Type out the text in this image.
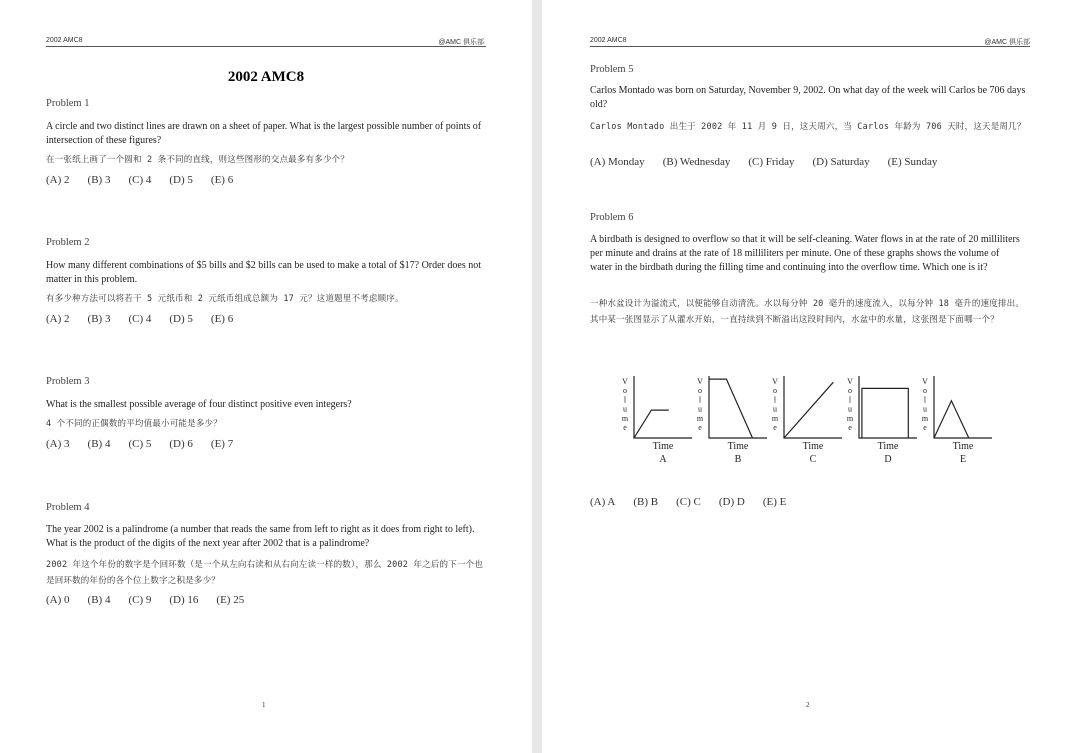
2002 AMC8	@AMC 俱乐部
2002 AMC8
Problem 1
A circle and two distinct lines are drawn on a sheet of paper. What is the largest possible number of points of intersection of these figures?
在一张纸上画了一个圆和 2 条不同的直线，则这些图形的交点最多有多少个？
(A) 2 (B) 3 (C) 4 (D) 5 (E) 6
Problem 2
How many different combinations of $5 bills and $2 bills can be used to make a total of $17? Order does not matter in this problem.
有多少种方法可以将若干 5 元纸币和 2 元纸币组成总额为 17 元？这道题里不考虑顺序。
(A) 2 (B) 3 (C) 4 (D) 5 (E) 6
Problem 3
What is the smallest possible average of four distinct positive even integers?
4 个不同的正偶数的平均值最小可能是多少？
(A) 3 (B) 4 (C) 5 (D) 6 (E) 7
Problem 4
The year 2002 is a palindrome (a number that reads the same from left to right as it does from right to left). What is the product of the digits of the next year after 2002 that is a palindrome?
2002 年这个年份的数字是个回环数（是一个从左向右读和从右向左读一样的数），那么 2002 年之后的下一个也是回环数的年份的各个位上数字之积是多少？
(A) 0 (B) 4 (C) 9 (D) 16 (E) 25
1
2002 AMC8	@AMC 俱乐部
Problem 5
Carlos Montado was born on Saturday, November 9, 2002. On what day of the week will Carlos be 706 days old?
Carlos Montado 出生于 2002 年 11 月 9 日，这天周六，当 Carlos 年龄为 706 天时，这天是周几？
(A) Monday (B) Wednesday (C) Friday (D) Saturday (E) Sunday
Problem 6
A birdbath is designed to overflow so that it will be self-cleaning. Water flows in at the rate of 20 milliliters per minute and drains at the rate of 18 milliliters per minute. One of these graphs shows the volume of water in the birdbath during the filling time and continuing into the overflow time. Which one is it?
一种水盆设计为溢流式，以便能够自动清洗。水以每分钟 20 毫升的速度流入，以每分钟 18 毫升的速度排出。其中某一张图显示了从灌水开始，一直持续到不断溢出这段时间内，水盆中的水量，这张图是下面哪一个？
V
o
l
u
m
e
Time
A
V
o
l
u
m
e
Time
B
V
o
l
u
m
e
Time
C
V
o
l
u
m
e
Time
D
V
o
l
u
m
e
Time
E
(A) A (B) B (C) C (D) D (E) E
2
